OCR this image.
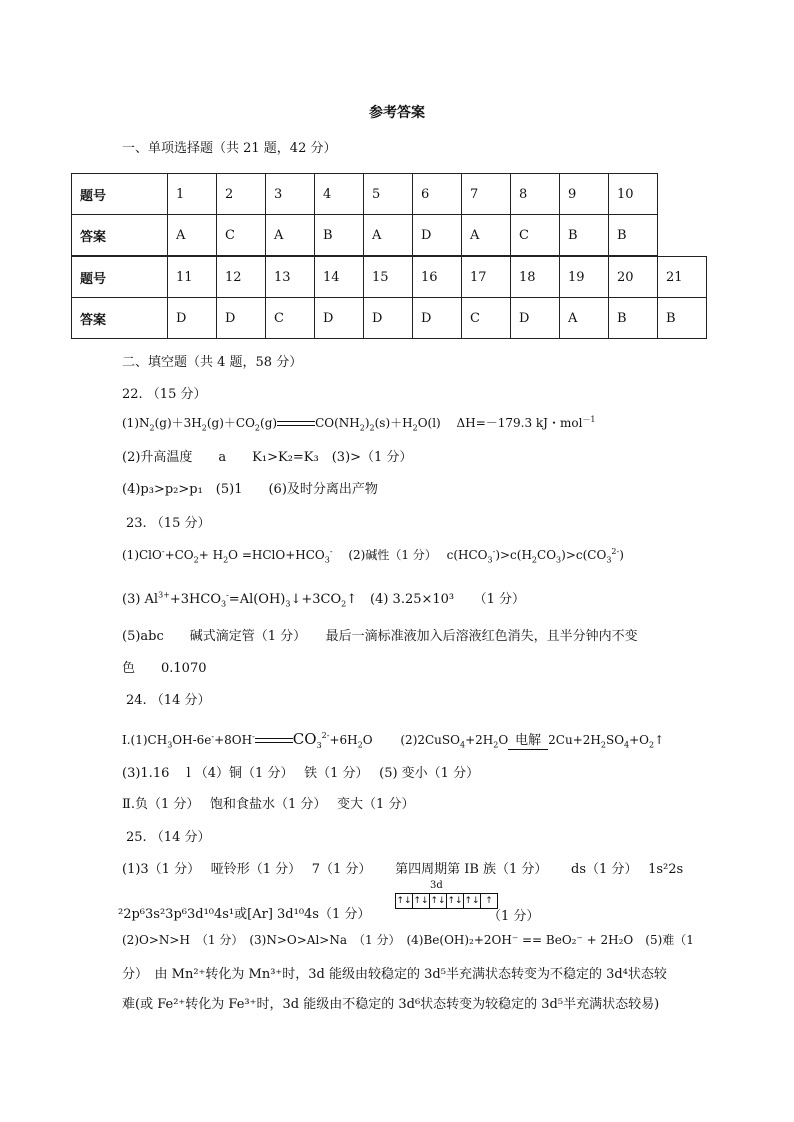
参考答案
一、单项选择题（共 21 题，42 分）
题号	1	2	3	4	5	6	7	8	9	10
答案	A	C	A	B	A	D	A	C	B	B
题号	11	12	13	14	15	16	17	18	19	20	21
答案	D	D	C	D	D	D	C	D	A	B	B
二、填空题（共 4 题，58 分）
22. （15 分）
$(1)N_2(g)+3H_2(g)+CO_2(g)$	$CO(NH_2)_2(s)+H_2O(l)$　 ΔH=－179.3 kJ・mol$^{-1}$
(2)升高温度　　a　　K₁>K₂=K₃　(3)>（1 分）
(4)p₃>p₂>p₁　(5)1　　(6)及时分离出产物
23. （15 分）
$(1)ClO^-+CO_2+ H_2O$ $=HClO+HCO_3^-$　 (2)碱性（1 分）　 $c(HCO_3^-)>c(H_2CO_3)>c(CO_3^{2-})$
(3) $Al^{3+}+3HCO_3^-=Al(OH)_3↓+3CO_2↑$　 (4) 3.25×10³　　（1 分）
(5)abc　　碱式滴定管（1 分）　　最后一滴标准液加入后溶液红色消失，且半分钟内不变
色　　0.1070
24. （14 分）
$Ⅰ.(1)CH_3OH-6e^-+8OH^-$	$CO_3^{2-}+6H_2O$　　 $(2)2CuSO_4+2H_2O$ 电解 $2Cu+2H_2SO_4+O_2↑$
(3)1.16　 l （4）铜（1 分）　 铁（1 分）　 (5) 变小（1 分）
Ⅱ.负（1 分）　 饱和食盐水（1 分）　 变大（1 分）
25. （14 分）
(1)3（1 分）　 哑铃形（1 分）　 7（1 分）　　 第四周期第 IB 族（1 分）　　 ds（1 分）　 1s²2s
²2p⁶3s²3p⁶3d¹⁰4s¹或[Ar] 3d¹⁰4s（1 分）
3d
↑↓ ↑↓ ↑↓ ↑↓ ↑↓ ↑
（1 分）
(2)O>N>H　（1 分）　(3)N>O>Al>Na　（1 分）　(4)Be(OH)₂+2OH⁻ == BeO₂⁻ + 2H₂O　(5)难（1
分）　由 Mn²⁺转化为 Mn³⁺时，3d 能级由较稳定的 3d⁵半充满状态转变为不稳定的 3d⁴状态较
难(或 Fe²⁺转化为 Fe³⁺时，3d 能级由不稳定的 3d⁶状态转变为较稳定的 3d⁵半充满状态较易)
